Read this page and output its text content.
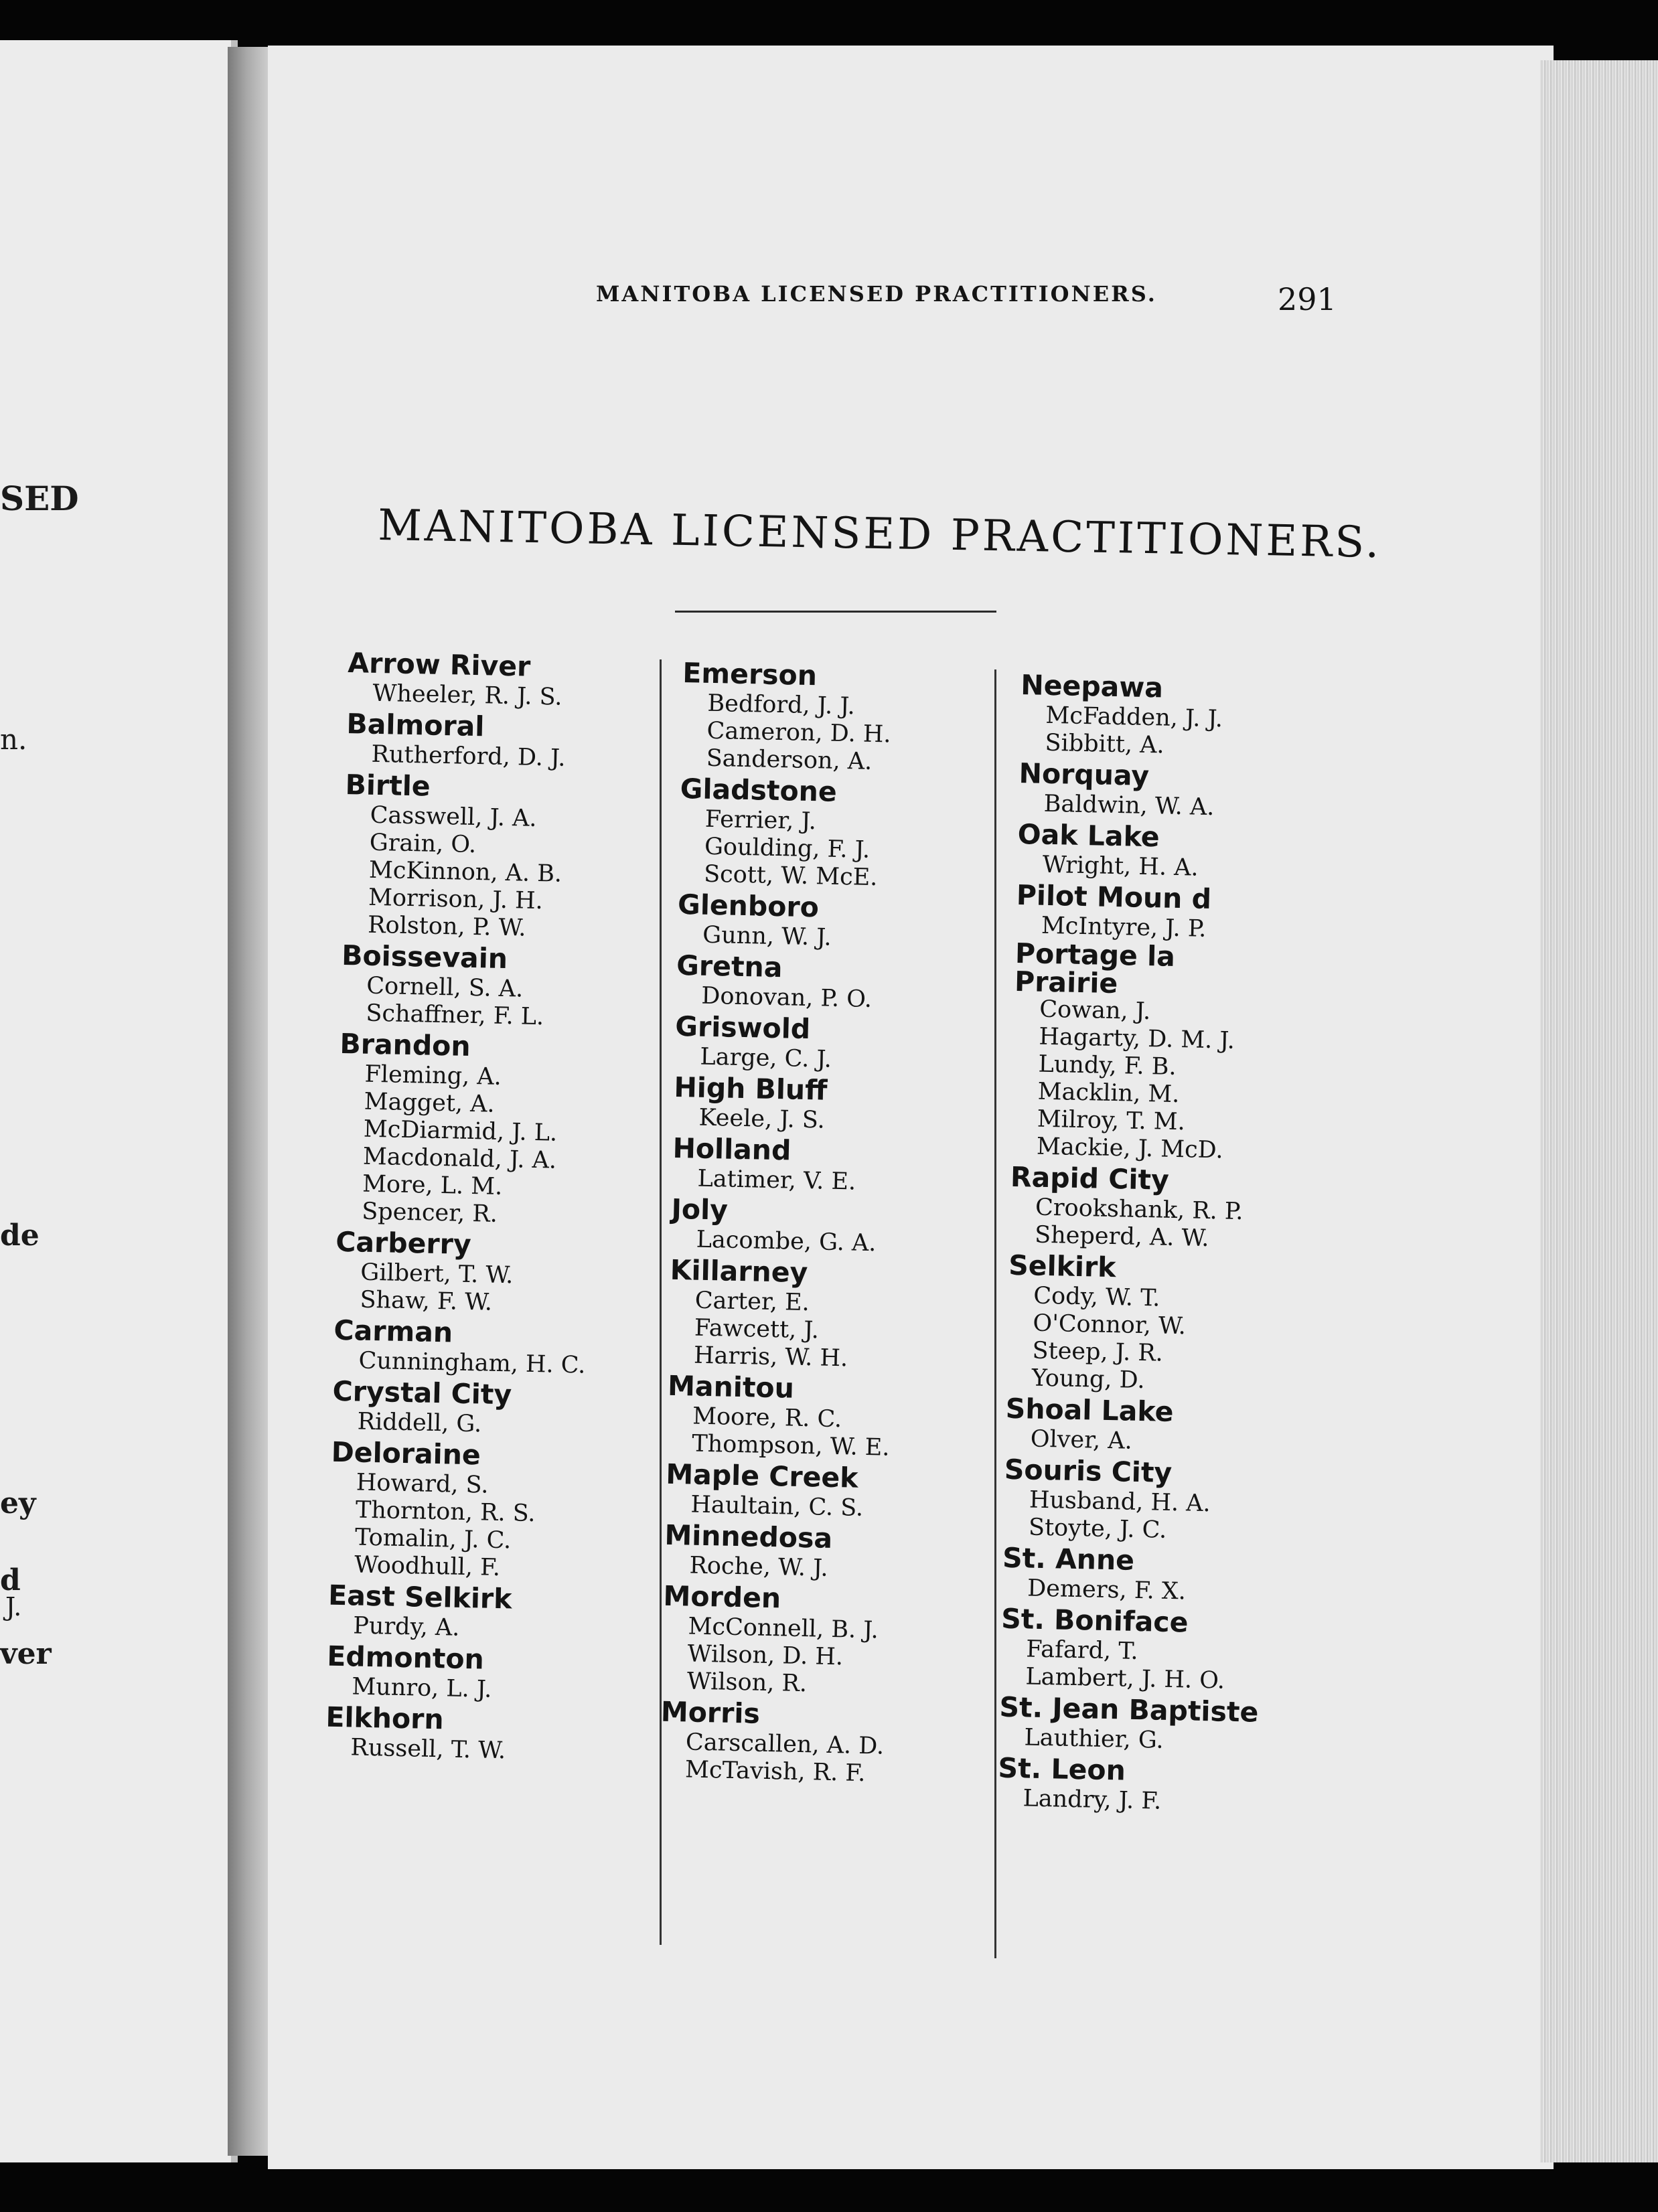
SED
n.
de
ey
d
J.
ver
MANITOBA LICENSED PRACTITIONERS.	291
MANITOBA LICENSED PRACTITIONERS.
Arrow River
Wheeler, R. J. S.
Balmoral
Rutherford, D. J.
Birtle
Casswell, J. A.
Grain, O.
McKinnon, A. B.
Morrison, J. H.
Rolston, P. W.
Boissevain
Cornell, S. A.
Schaffner, F. L.
Brandon
Fleming, A.
Magget, A.
McDiarmid, J. L.
Macdonald, J. A.
More, L. M.
Spencer, R.
Carberry
Gilbert, T. W.
Shaw, F. W.
Carman
Cunningham, H. C.
Crystal City
Riddell, G.
Deloraine
Howard, S.
Thornton, R. S.
Tomalin, J. C.
Woodhull, F.
East Selkirk
Purdy, A.
Edmonton
Munro, L. J.
Elkhorn
Russell, T. W.
Emerson
Bedford, J. J.
Cameron, D. H.
Sanderson, A.
Gladstone
Ferrier, J.
Goulding, F. J.
Scott, W. McE.
Glenboro
Gunn, W. J.
Gretna
Donovan, P. O.
Griswold
Large, C. J.
High Bluff
Keele, J. S.
Holland
Latimer, V. E.
Joly
Lacombe, G. A.
Killarney
Carter, E.
Fawcett, J.
Harris, W. H.
Manitou
Moore, R. C.
Thompson, W. E.
Maple Creek
Haultain, C. S.
Minnedosa
Roche, W. J.
Morden
McConnell, B. J.
Wilson, D. H.
Wilson, R.
Morris
Carscallen, A. D.
McTavish, R. F.
Neepawa
McFadden, J. J.
Sibbitt, A.
Norquay
Baldwin, W. A.
Oak Lake
Wright, H. A.
Pilot Moun d
McIntyre, J. P.
Portage la Prairie
Cowan, J.
Hagarty, D. M. J.
Lundy, F. B.
Macklin, M.
Milroy, T. M.
Mackie, J. McD.
Rapid City
Crookshank, R. P.
Sheperd, A. W.
Selkirk
Cody, W. T.
O'Connor, W.
Steep, J. R.
Young, D.
Shoal Lake
Olver, A.
Souris City
Husband, H. A.
Stoyte, J. C.
St. Anne
Demers, F. X.
St. Boniface
Fafard, T.
Lambert, J. H. O.
St. Jean Baptiste
Lauthier, G.
St. Leon
Landry, J. F.
